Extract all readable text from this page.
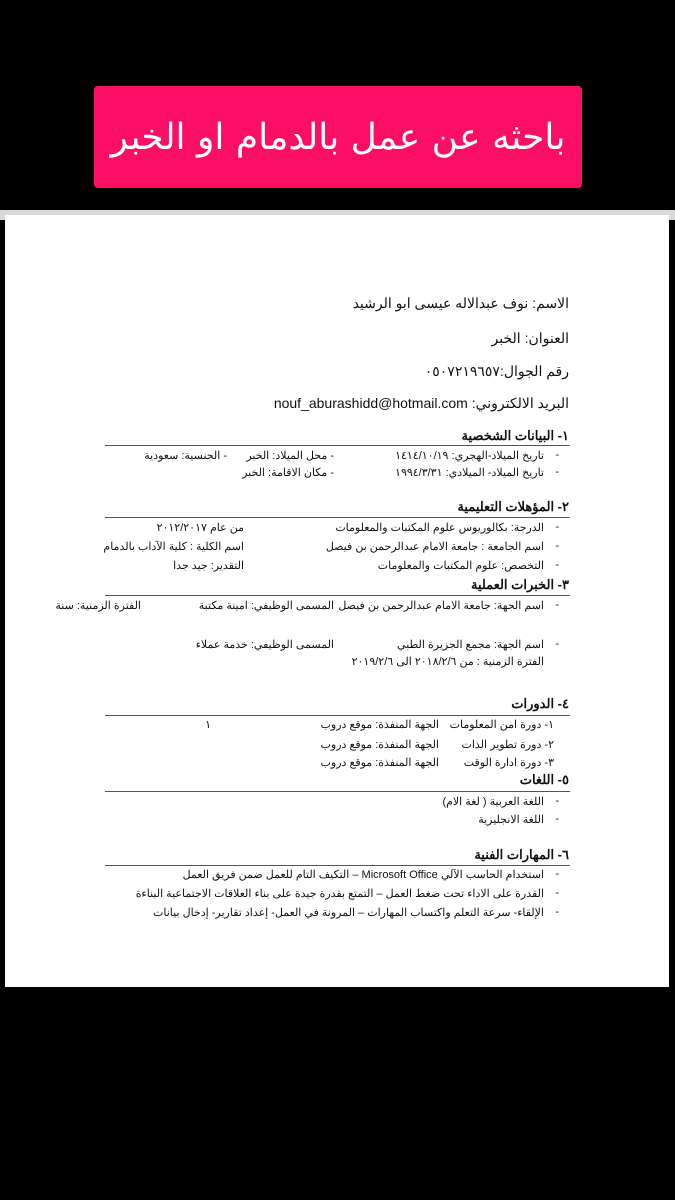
باحثه عن عمل بالدمام او الخبر
الاسم: نوف عبدالاله عيسى ابو الرشيد
العنوان: الخبر
رقم الجوال:٠٥٠٧٢١٩٦٥٧
البريد الالكتروني: nouf_aburashidd@hotmail.com
١- البيانات الشخصية
-
تاريخ الميلاد-الهجري: ١٤١٤/١٠/١٩
- محل الميلاد: الخبر
- الجنسية: سعودية
-
تاريخ الميلاد- الميلادي: ١٩٩٤/٣/٣١
- مكان الاقامة: الخبر
٢- المؤهلات التعليمية
-
الدرجة: بكالوريوس علوم المكتبات والمعلومات
من عام ٢٠١٢/٢٠١٧
-
اسم الجامعة : جامعة الامام عبدالرحمن بن فيصل
اسم الكلية : كلية الآداب بالدمام
-
التخصص: علوم المكتبات والمعلومات
التقدير: جيد جدا
٣- الخبرات العملية
-
اسم الجهة: جامعة الامام عبدالرحمن بن فيصل
المسمى الوظيفي: امينة مكتبة
الفترة الزمنية: سنة
-
اسم الجهة: مجمع الجزيرة الطبي
المسمى الوظيفي: خدمة عملاء
الفترة الزمنية : من ٢٠١٨/٢/٦ الى ٢٠١٩/٢/٦
٤- الدورات
١- دورة امن المعلومات
الجهة المنفذة: موقع دروب
١
٢- دورة تطوير الذات
الجهة المنفذة: موقع دروب
٣- دورة ادارة الوقت
الجهة المنفذة: موقع دروب
٥- اللغات
-
اللغة العربية ( لغة الام)
-
اللغة الانجليزية
٦- المهارات الفنية
-
استخدام الحاسب الآلي Microsoft Office – التكيف التام للعمل ضمن فريق العمل
-
القدرة على الاداء تحت ضغط العمل – التمتع بقدرة جيدة على بناء العلاقات الاجتماعية البناءة
-
الإلقاء- سرعة التعلم واكتساب المهارات – المرونة في العمل- إعداد تقارير- إدخال بيانات
